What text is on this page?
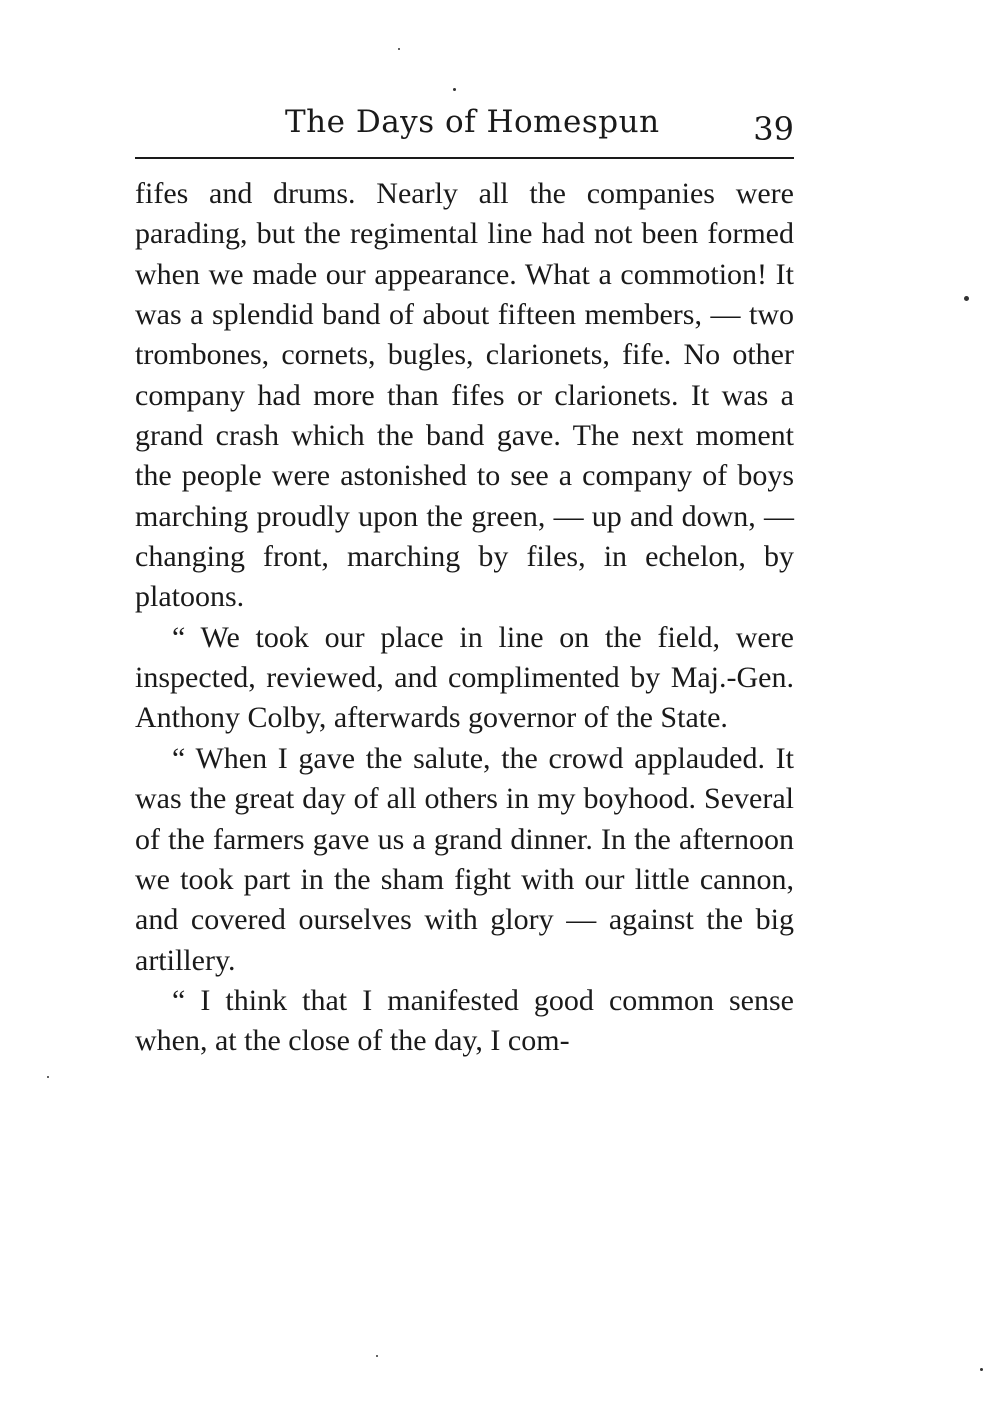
The Days of Homespun	39

fifes and drums. Nearly all the companies were parading, but the regimental line had not been formed when we made our appearance. What a commotion! It was a splendid band of about fifteen members, — two trombones, cornets, bugles, clarionets, fife. No other company had more than fifes or clarionets. It was a grand crash which the band gave. The next moment the people were astonished to see a company of boys marching proudly upon the green, — up and down, — changing front, marching by files, in echelon, by platoons.

“ We took our place in line on the field, were inspected, reviewed, and complimented by Maj.-Gen. Anthony Colby, afterwards governor of the State.

“ When I gave the salute, the crowd applauded. It was the great day of all others in my boyhood. Several of the farmers gave us a grand dinner. In the afternoon we took part in the sham fight with our little cannon, and covered ourselves with glory — against the big artillery.

“ I think that I manifested good common sense when, at the close of the day, I com-
